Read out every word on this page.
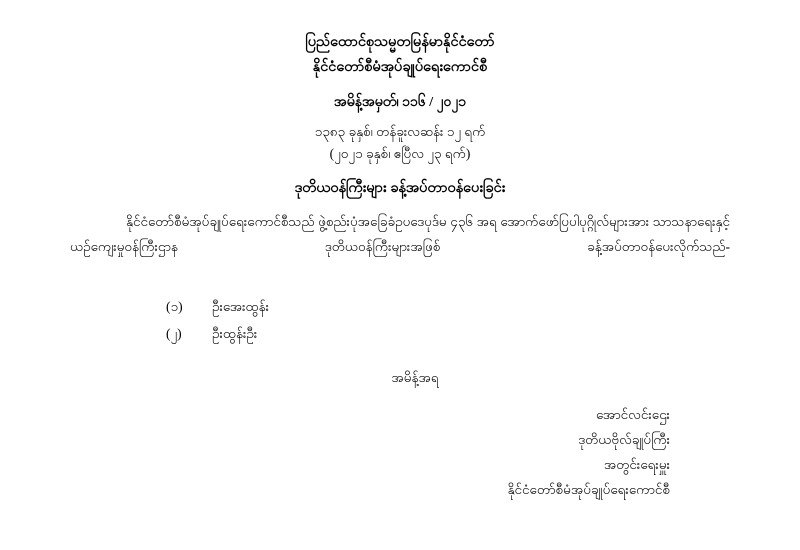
ပြည်ထောင်စုသမ္မတမြန်မာနိုင်ငံတော်
နိုင်ငံတော်စီမံအုပ်ချုပ်ရေးကောင်စီ
အမိန့်အမှတ်၊ ၁၁၆ / ၂၀၂၁
၁၃၈၃ ခုနှစ်၊ တန်ခူးလဆန်း ၁၂ ရက်
(၂၀၂၁ ခုနှစ်၊ ဧပြီလ ၂၃ ရက်)
ဒုတိယဝန်ကြီးများ ခန့်အပ်တာဝန်ပေးခြင်း
နိုင်ငံတော်စီမံအုပ်ချုပ်ရေးကောင်စီသည် ဖွဲ့စည်းပုံအခြေခံဥပဒေပုဒ်မ ၄၃၆ အရ အောက်ဖော်ပြပါပုဂ္ဂိုလ်များအား သာသနာရေးနှင့်ယဉ်ကျေးမှုဝန်ကြီးဌာန ဒုတိယဝန်ကြီးများအဖြစ် ခန့်အပ်တာဝန်ပေးလိုက်သည်-
(၁) ဦးအေးထွန်း
(၂) ဦးထွန်းဦး
အမိန့်အရ
အောင်လင်းဌေး
ဒုတိယဗိုလ်ချုပ်ကြီး
အတွင်းရေးမှူး
နိုင်ငံတော်စီမံအုပ်ချုပ်ရေးကောင်စီ
